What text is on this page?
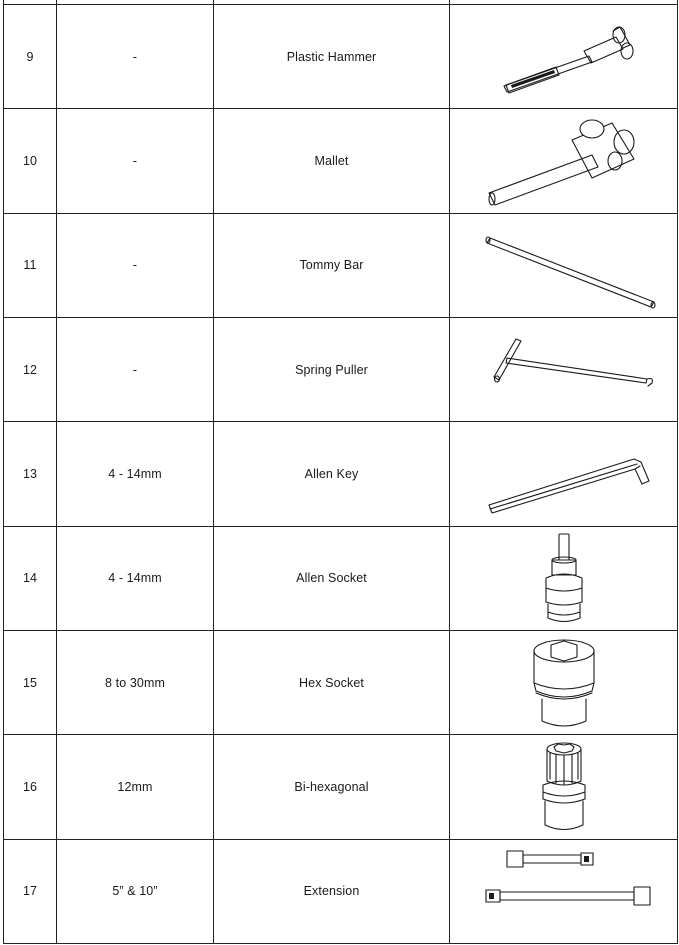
9	-	Plastic Hammer	

10	-	Mallet	

11	-	Tommy Bar	

12	-	Spring Puller	

13	4 - 14mm	Allen Key	

14	4 - 14mm	Allen Socket	

15	8 to 30mm	Hex Socket	

16	12mm	Bi-hexagonal	

17	5” & 10”	Extension	
